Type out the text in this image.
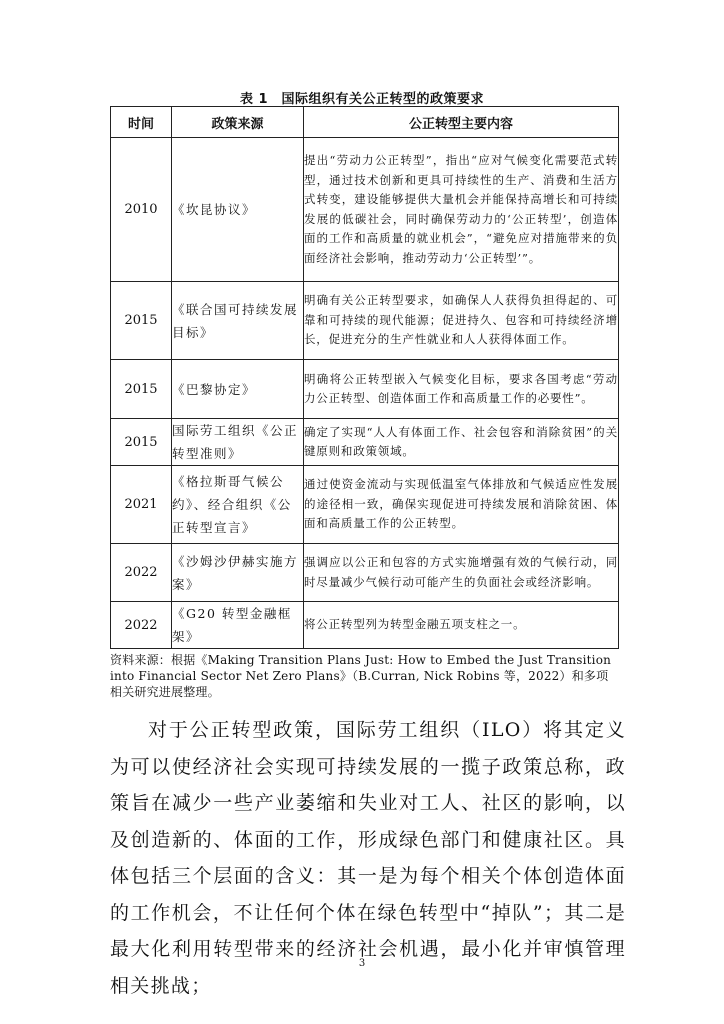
表 1　国际组织有关公正转型的政策要求
时间	政策来源	公正转型主要内容
2010	《坎昆协议》	提出“劳动力公正转型”，指出“应对气候变化需要范式转型，通过技术创新和更具可持续性的生产、消费和生活方式转变，建设能够提供大量机会并能保持高增长和可持续发展的低碳社会，同时确保劳动力的‘公正转型’，创造体面的工作和高质量的就业机会”，“避免应对措施带来的负面经济社会影响，推动劳动力‘公正转型’”。
2015	《联合国可持续发展目标》	明确有关公正转型要求，如确保人人获得负担得起的、可靠和可持续的现代能源；促进持久、包容和可持续经济增长，促进充分的生产性就业和人人获得体面工作。
2015	《巴黎协定》	明确将公正转型嵌入气候变化目标，要求各国考虑“劳动力公正转型、创造体面工作和高质量工作的必要性”。
2015	国际劳工组织《公正转型准则》	确定了实现“人人有体面工作、社会包容和消除贫困”的关键原则和政策领域。
2021	《格拉斯哥气候公约》、经合组织《公正转型宣言》	通过使资金流动与实现低温室气体排放和气候适应性发展的途径相一致，确保实现促进可持续发展和消除贫困、体面和高质量工作的公正转型。
2022	《沙姆沙伊赫实施方案》	强调应以公正和包容的方式实施增强有效的气候行动，同时尽量减少气候行动可能产生的负面社会或经济影响。
2022	《G20 转型金融框架》	将公正转型列为转型金融五项支柱之一。
资料来源：根据《Making Transition Plans Just: How to Embed the Just Transition into Financial Sector Net Zero Plans》（B.Curran, Nick Robins 等，2022）和多项相关研究进展整理。
对于公正转型政策，国际劳工组织（ILO）将其定义为可以使经济社会实现可持续发展的一揽子政策总称，政策旨在减少一些产业萎缩和失业对工人、社区的影响，以及创造新的、体面的工作，形成绿色部门和健康社区。具体包括三个层面的含义：其一是为每个相关个体创造体面的工作机会，不让任何个体在绿色转型中“掉队”；其二是最大化利用转型带来的经济社会机遇，最小化并审慎管理相关挑战；
3
